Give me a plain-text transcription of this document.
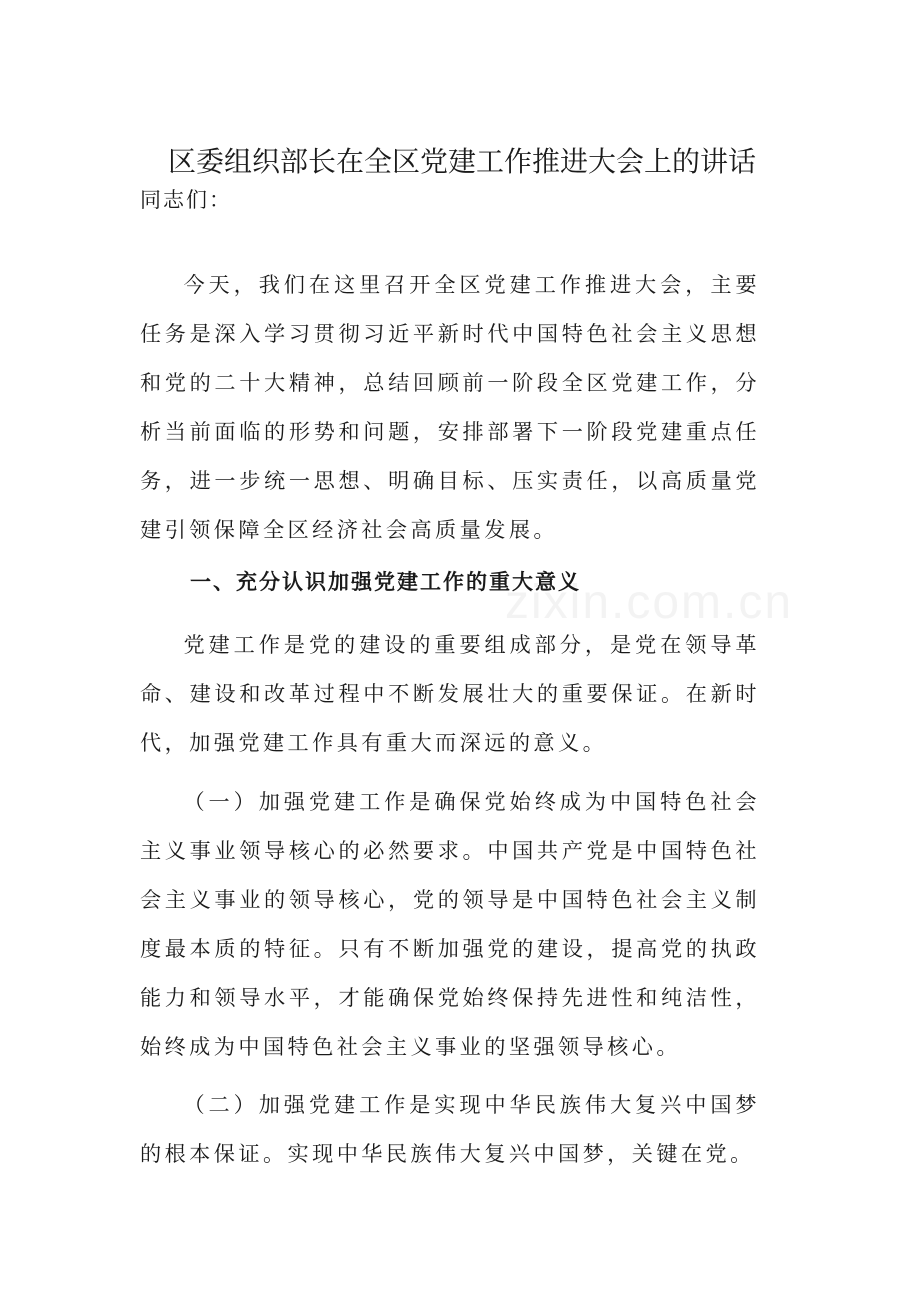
区委组织部长在全区党建工作推进大会上的讲话
同志们：
今天，我们在这里召开全区党建工作推进大会，主要任务是深入学习贯彻习近平新时代中国特色社会主义思想和党的二十大精神，总结回顾前一阶段全区党建工作，分析当前面临的形势和问题，安排部署下一阶段党建重点任务，进一步统一思想、明确目标、压实责任，以高质量党建引领保障全区经济社会高质量发展。
一、充分认识加强党建工作的重大意义
党建工作是党的建设的重要组成部分，是党在领导革命、建设和改革过程中不断发展壮大的重要保证。在新时代，加强党建工作具有重大而深远的意义。
（一）加强党建工作是确保党始终成为中国特色社会主义事业领导核心的必然要求。中国共产党是中国特色社会主义事业的领导核心，党的领导是中国特色社会主义制度最本质的特征。只有不断加强党的建设，提高党的执政能力和领导水平，才能确保党始终保持先进性和纯洁性，始终成为中国特色社会主义事业的坚强领导核心。
（二）加强党建工作是实现中华民族伟大复兴中国梦的根本保证。实现中华民族伟大复兴中国梦，关键在党。
zixin.com.cn
